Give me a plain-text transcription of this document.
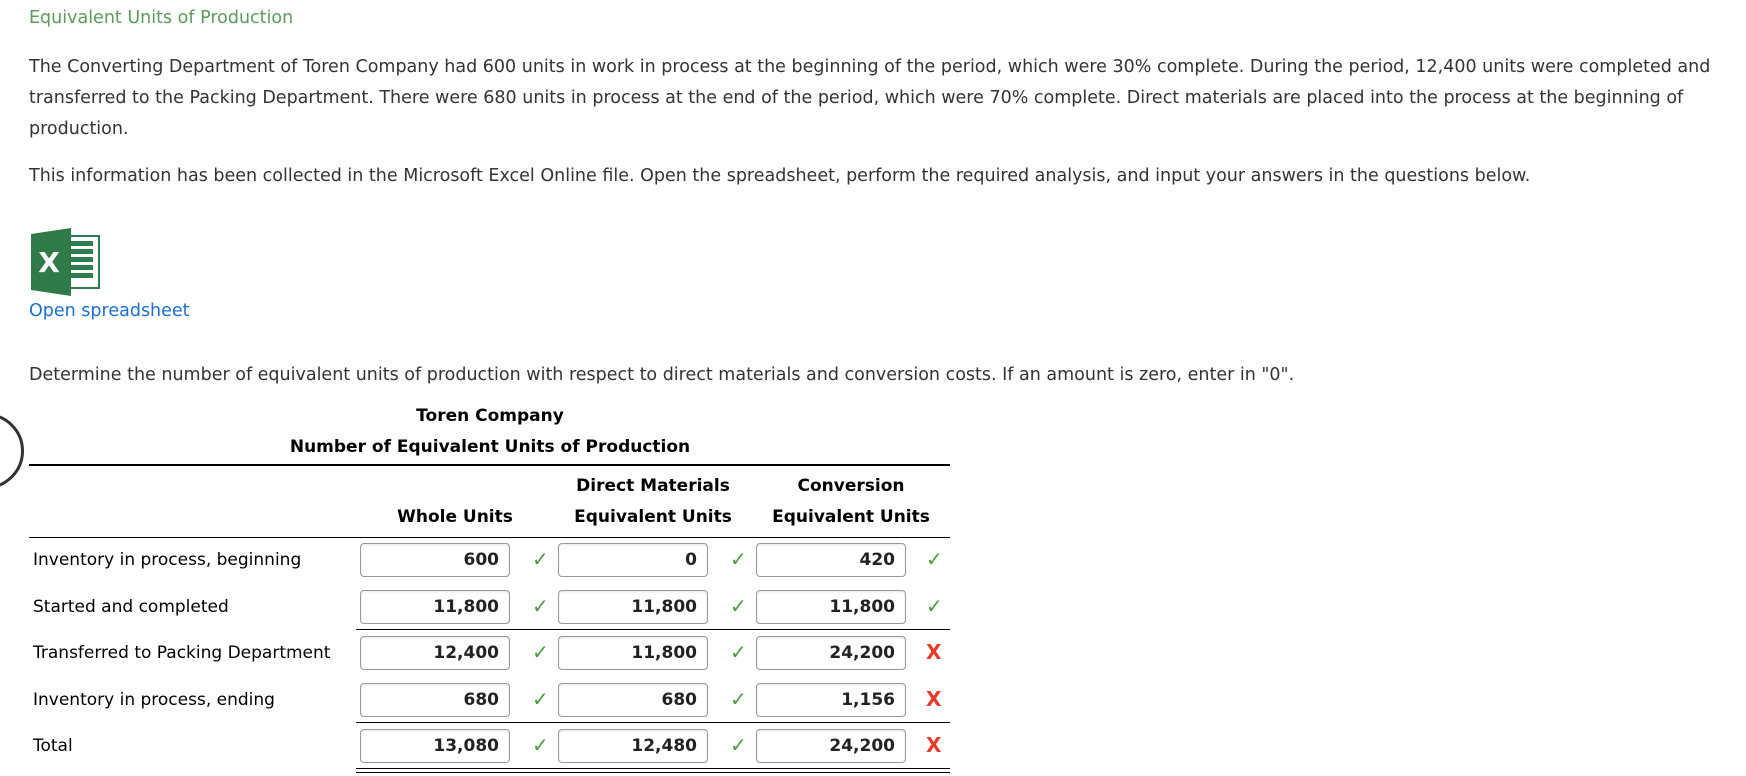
Equivalent Units of Production
The Converting Department of Toren Company had 600 units in work in process at the beginning of the period, which were 30% complete. During the period, 12,400 units were completed and transferred to the Packing Department. There were 680 units in process at the end of the period, which were 70% complete. Direct materials are placed into the process at the beginning of production.
This information has been collected in the Microsoft Excel Online file. Open the spreadsheet, perform the required analysis, and input your answers in the questions below.
X
Open spreadsheet
Determine the number of equivalent units of production with respect to direct materials and conversion costs. If an amount is zero, enter in "0".
Toren Company
Number of Equivalent Units of Production
Whole Units
Direct Materials
Equivalent Units
Conversion
Equivalent Units
Inventory in process, beginning	600	✓	0	✓	420	✓
Started and completed	11,800	✓	11,800	✓	11,800	✓
Transferred to Packing Department	12,400	✓	11,800	✓	24,200	X
Inventory in process, ending	680	✓	680	✓	1,156	X
Total	13,080	✓	12,480	✓	24,200	X
